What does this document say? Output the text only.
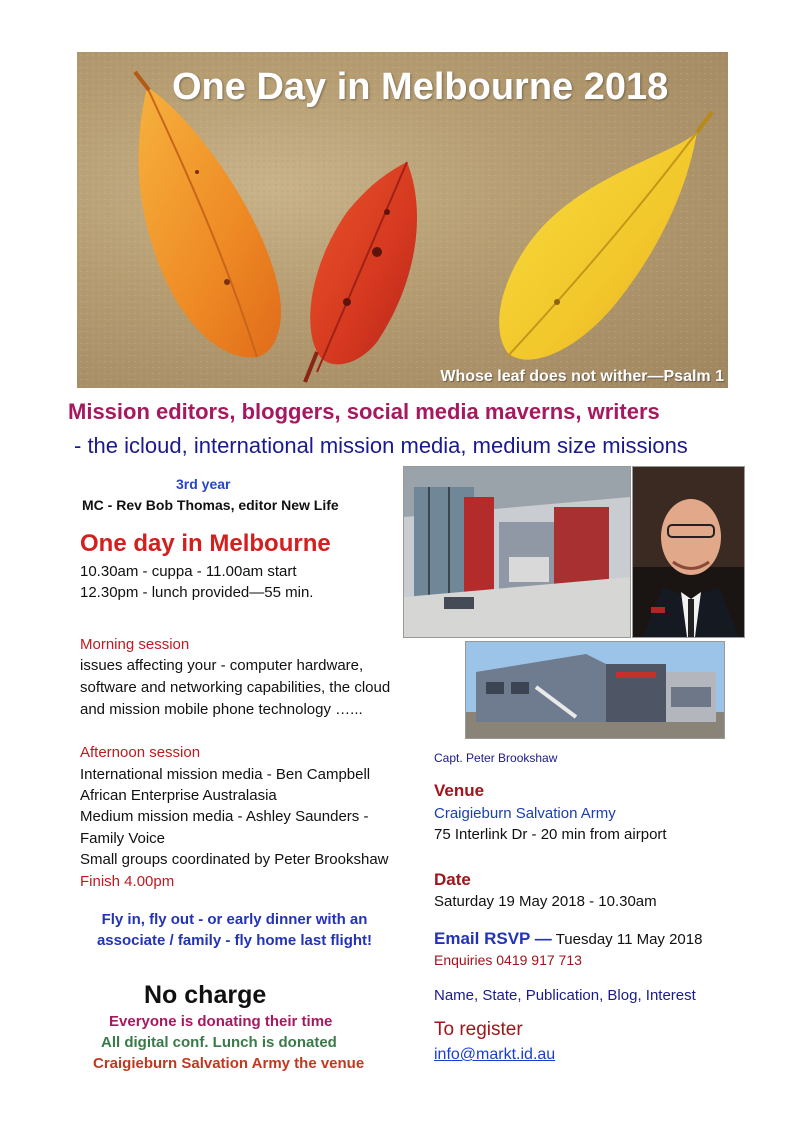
One Day in Melbourne 2018
Whose leaf does not wither—Psalm 1
Mission editors, bloggers, social media maverns, writers
- the icloud, international mission media, medium size missions
3rd year
MC - Rev Bob Thomas, editor New Life
One day in Melbourne
10.30am - cuppa - 11.00am start
12.30pm - lunch provided—55 min.
Morning session
issues affecting your - computer hardware,
software and networking capabilities, the cloud
and mission mobile phone technology …...
Afternoon session
International mission media - Ben Campbell
African Enterprise Australasia
Medium mission media - Ashley Saunders -
Family Voice
Small groups coordinated by Peter Brookshaw
Finish 4.00pm
Fly in, fly out - or early dinner with an associate / family - fly home last flight!
No charge
Everyone is donating their time
All digital conf. Lunch is donated
Craigieburn Salvation Army the venue
Capt. Peter Brookshaw
Venue
Craigieburn Salvation Army
75 Interlink Dr - 20 min from airport
Date
Saturday 19 May 2018 - 10.30am
Email RSVP — Tuesday 11 May 2018
Enquiries 0419 917 713
Name, State, Publication, Blog, Interest
To register
info@markt.id.au
